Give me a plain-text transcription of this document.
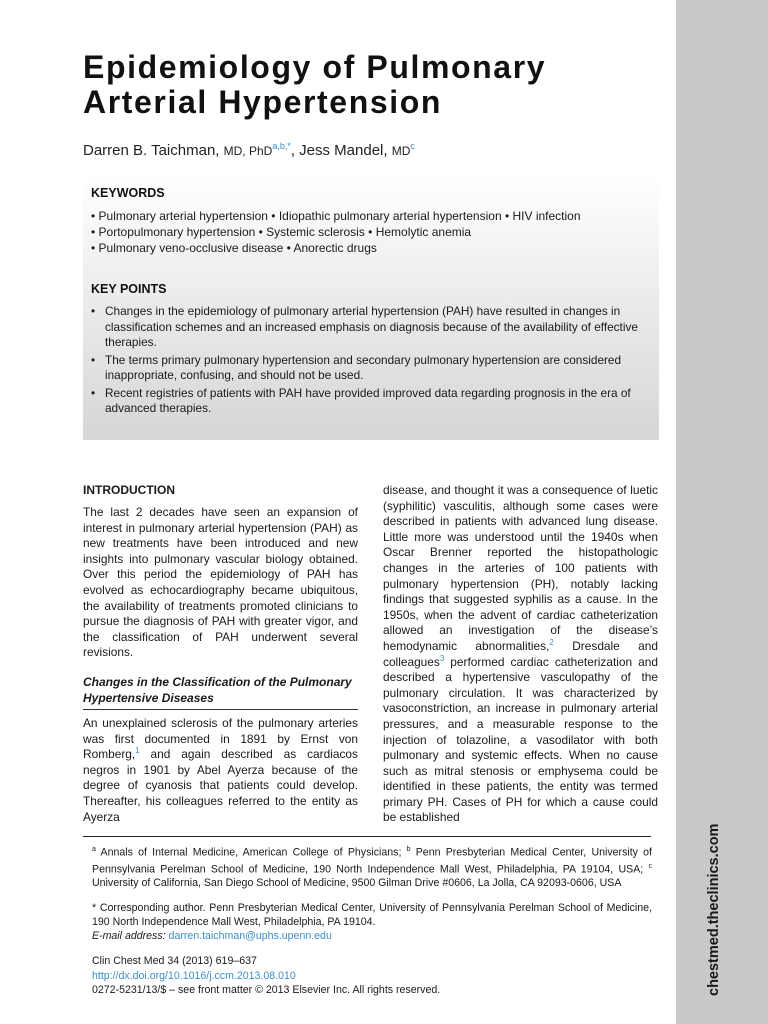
chestmed.theclinics.com
Epidemiology of Pulmonary Arterial Hypertension
Darren B. Taichman, MD, PhD$^{a,b,*}$, Jess Mandel, $MD^c$
KEYWORDS
• Pulmonary arterial hypertension • Idiopathic pulmonary arterial hypertension • HIV infection
• Portopulmonary hypertension • Systemic sclerosis • Hemolytic anemia
• Pulmonary veno-occlusive disease • Anorectic drugs
KEY POINTS
• Changes in the epidemiology of pulmonary arterial hypertension (PAH) have resulted in changes in classification schemes and an increased emphasis on diagnosis because of the availability of effective therapies.
• The terms primary pulmonary hypertension and secondary pulmonary hypertension are considered inappropriate, confusing, and should not be used.
• Recent registries of patients with PAH have provided improved data regarding prognosis in the era of advanced therapies.
INTRODUCTION

The last 2 decades have seen an expansion of interest in pulmonary arterial hypertension (PAH) as new treatments have been introduced and new insights into pulmonary vascular biology obtained. Over this period the epidemiology of PAH has evolved as echocardiography became ubiquitous, the availability of treatments promoted clinicians to pursue the diagnosis of PAH with greater vigor, and the classification of PAH underwent several revisions.

Changes in the Classification of the Pulmonary Hypertensive Diseases

An unexplained sclerosis of the pulmonary arteries was first documented in 1891 by Ernst von Romberg,$^1$ and again described as cardiacos negros in 1901 by Abel Ayerza because of the degree of cyanosis that patients could develop. Thereafter, his colleagues referred to the entity as Ayerza

disease, and thought it was a consequence of luetic (syphilitic) vasculitis, although some cases were described in patients with advanced lung disease. Little more was understood until the 1940s when Oscar Brenner reported the histopathologic changes in the arteries of 100 patients with pulmonary hypertension (PH), notably lacking findings that suggested syphilis as a cause. In the 1950s, when the advent of cardiac catheterization allowed an investigation of the disease’s hemodynamic abnormalities,$^2$ Dresdale and colleagues$^3$ performed cardiac catheterization and described a hypertensive vasculopathy of the pulmonary circulation. It was characterized by vasoconstriction, an increase in pulmonary arterial pressures, and a measurable response to the injection of tolazoline, a vasodilator with both pulmonary and systemic effects. When no cause such as mitral stenosis or emphysema could be identified in these patients, the entity was termed primary PH. Cases of PH for which a cause could be established

$^a$ Annals of Internal Medicine, American College of Physicians; $^b$ Penn Presbyterian Medical Center, University of Pennsylvania Perelman School of Medicine, 190 North Independence Mall West, Philadelphia, PA 19104, USA; $^c$ University of California, San Diego School of Medicine, 9500 Gilman Drive #0606, La Jolla, CA 92093-0606, USA
* Corresponding author. Penn Presbyterian Medical Center, University of Pennsylvania Perelman School of Medicine, 190 North Independence Mall West, Philadelphia, PA 19104.
E-mail address: darren.taichman@uphs.upenn.edu
Clin Chest Med 34 (2013) 619–637
http://dx.doi.org/10.1016/j.ccm.2013.08.010
0272-5231/13/$ – see front matter © 2013 Elsevier Inc. All rights reserved.
